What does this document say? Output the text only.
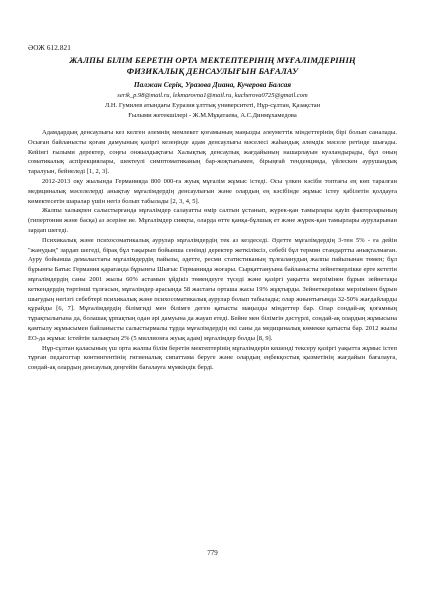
ӘОЖ 612.821
ЖАЛПЫ БІЛІМ БЕРЕТІН ОРТА МЕКТЕПТЕРІНІҢ МҰҒАЛІМДЕРІНІҢ
ФИЗИКАЛЫҚ ДЕНСАУЛЫҒЫН БАҒАЛАУ
Палжан Серік, Уразова Диана, Кучерова Балсая
serik_p.98@mail.ru, lekmarovna1@mail.ru, kucherova0725@gmail.com
Л.Н. Гумилев атындағы Еуразия ұлттық университеті, Нұр-сұлтан, Қазақстан
Ғылыми жетекшілері - Ж.М.Мұқатаева, А.С.Динмұхамедова

Адамдардың денсаулығы кез келген әлемнің мемлекет қоғамының маңызды әлеуметтік міндеттерінің бірі болып саналады. Осыған байланысты қоғам дамуының қазіргі кезеңінде адам денсаулығы мәселесі жаһандық әлемдік мәселе ретінде шығады. Кейінгі ғылыми деректер, соңғы онжылдықтағы Халықтық денсаулық жағдайының нашарлауын куәландырады, бұл оның соматикалық аспірекциялары, шектеулі симптоматиканың бар-жоқтығымен, бірыңғай тенденцияда, үйлескен аурушаңдық таралуын, бейнеледі [1, 2, 3].

2012-2013 оқу жылында Германияда 800 000-ға жуық мұғалім жұмыс істеді. Осы үлкен кәсіби топтағы ең көп таралған медициналық мәселелерді анықтау мұғалімдердің денсаулығын және олардың ең кәсібінде жұмыс істеу қабілетін қолдауға көмектесетін шаралар үшін негіз болып табылады [2, 3, 4, 5].

Жалпы халықпен салыстырғанда мұғалімдер салауатты өмір салтын ұстанып, жүрек-қан тамырлары қауіп факторларының (гипертония және басқа) аз әсеріне ие. Мұғалімдер сияқты, оларда өтте қанқа-бұлшық ет және жүрек-қан тамырлары ауруларынан зардап шегеді.

Психикалық және психосоматикалық аурулар мұғалімдердің тек аз кездеседі. Әдетте мұғалімдердің 3-тен 5% - ға дейін "жанудың" зардап шегеді, бірақ бұл тақырып бойынша сенімді деректер жеткіліксіз, себебі бұл термин стандартты анықталмаған. Ауру бойынша демалыстағы мұғалімдердің пайызы, әдетте, ресми статистиканың тұлғаланудың жалпы пайызынан төмен; бұл бұрынғы Батыс Германия қарағанда бұрынғы Шығыс Германияда жоғары. Сырқаттануына байланысты зейнеткерлікке ерте кететін мұғалімдердің саны 2001 жылы 60% астамын ұйдікіз төмендеуге түседі және қазіргі уақытта мерзімінен бұрын зейнетақы кеткендердің төртінші тұлғасын, мұғалімдер арасында 58 жастағы орташа жасы 19% жұқтырды. Зейнеткерлікке мерзімінен бұрын шығудың негізгі себебтері психикалық және психосоматикалық аурулар болып табылады; олар жиынтығында 32-50% жағдайларды құрайды [6, 7]. Мұғалімдердің білімгиді мен білімге деген қатысты маңызды міндеттер бар. Олар сондай-ақ қоғамның тұрақтылығына да, болашақ ұрпақтың одан әрі дамуына да жауап етеді. Бейне мен білімгін дәстүрлі, сондай-ақ олардың жұмысына қамтылу жұмысымен байланысты салыстырмалы тұрда мұғалімдердің екі саны да медициналық көмекке қатысты бар. 2012 жылы ЕО-да жұмыс істейтін халықтың 2% (5 миллионға жуық адам) мұғалімдер болды [8, 9].

Нұр-сұлтан қаласының үш орта жалпы білім беретін мектептерінің мұғалімдерін кешенді тексеру қазіргі уақытта жұмыс істеп тұрған педагогтар контингентінің гигиеналық сипаттама беруге және олардың еңбекқостық қызметінің жағдайын бағалауға, сондай-ақ олардың денсаулық деңгейін бағалауға мүмкіндік берді.

779
